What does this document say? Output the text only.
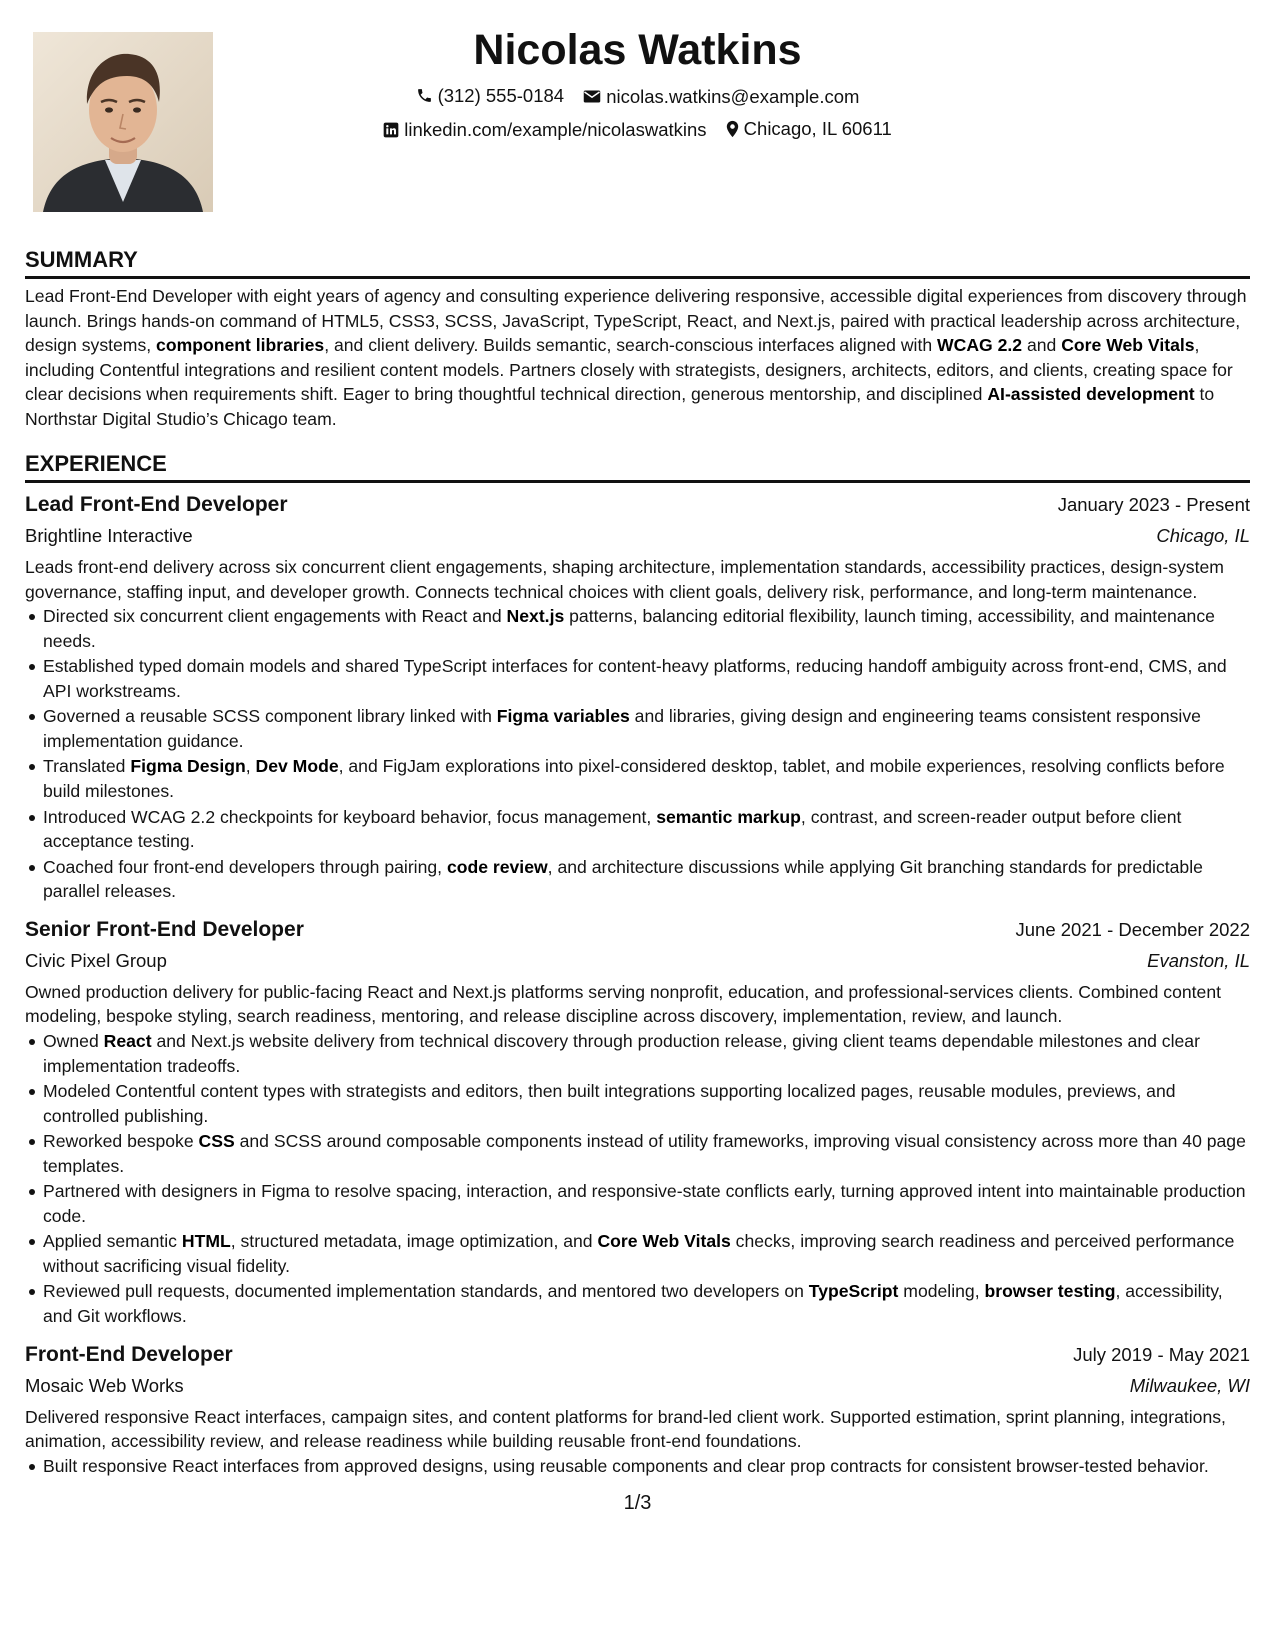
Nicolas Watkins
(312) 555-0184
nicolas.watkins@example.com
linkedin.com/example/nicolaswatkins
Chicago, IL 60611
SUMMARY

Lead Front-End Developer with eight years of agency and consulting experience delivering responsive, accessible digital experiences from discovery through launch. Brings hands-on command of HTML5, CSS3, SCSS, JavaScript, TypeScript, React, and Next.js, paired with practical leadership across architecture, design systems, component libraries, and client delivery. Builds semantic, search-conscious interfaces aligned with WCAG 2.2 and Core Web Vitals, including Contentful integrations and resilient content models. Partners closely with strategists, designers, architects, editors, and clients, creating space for clear decisions when requirements shift. Eager to bring thoughtful technical direction, generous mentorship, and disciplined AI-assisted development to Northstar Digital Studio’s Chicago team.

EXPERIENCE
Lead Front-End Developer	January 2023 - Present
Brightline Interactive	Chicago, IL

Leads front-end delivery across six concurrent client engagements, shaping architecture, implementation standards, accessibility practices, design-system governance, staffing input, and developer growth. Connects technical choices with client goals, delivery risk, performance, and long-term maintenance.

Directed six concurrent client engagements with React and Next.js patterns, balancing editorial flexibility, launch timing, accessibility, and maintenance needs.
Established typed domain models and shared TypeScript interfaces for content-heavy platforms, reducing handoff ambiguity across front-end, CMS, and API workstreams.
Governed a reusable SCSS component library linked with Figma variables and libraries, giving design and engineering teams consistent responsive implementation guidance.
Translated Figma Design, Dev Mode, and FigJam explorations into pixel-considered desktop, tablet, and mobile experiences, resolving conflicts before build milestones.
Introduced WCAG 2.2 checkpoints for keyboard behavior, focus management, semantic markup, contrast, and screen-reader output before client acceptance testing.
Coached four front-end developers through pairing, code review, and architecture discussions while applying Git branching standards for predictable parallel releases.
Senior Front-End Developer	June 2021 - December 2022
Civic Pixel Group	Evanston, IL

Owned production delivery for public-facing React and Next.js platforms serving nonprofit, education, and professional-services clients. Combined content modeling, bespoke styling, search readiness, mentoring, and release discipline across discovery, implementation, review, and launch.

Owned React and Next.js website delivery from technical discovery through production release, giving client teams dependable milestones and clear implementation tradeoffs.
Modeled Contentful content types with strategists and editors, then built integrations supporting localized pages, reusable modules, previews, and controlled publishing.
Reworked bespoke CSS and SCSS around composable components instead of utility frameworks, improving visual consistency across more than 40 page templates.
Partnered with designers in Figma to resolve spacing, interaction, and responsive-state conflicts early, turning approved intent into maintainable production code.
Applied semantic HTML, structured metadata, image optimization, and Core Web Vitals checks, improving search readiness and perceived performance without sacrificing visual fidelity.
Reviewed pull requests, documented implementation standards, and mentored two developers on TypeScript modeling, browser testing, accessibility, and Git workflows.
Front-End Developer	July 2019 - May 2021
Mosaic Web Works	Milwaukee, WI

Delivered responsive React interfaces, campaign sites, and content platforms for brand-led client work. Supported estimation, sprint planning, integrations, animation, accessibility review, and release readiness while building reusable front-end foundations.

Built responsive React interfaces from approved designs, using reusable components and clear prop contracts for consistent browser-tested behavior.
1/3
